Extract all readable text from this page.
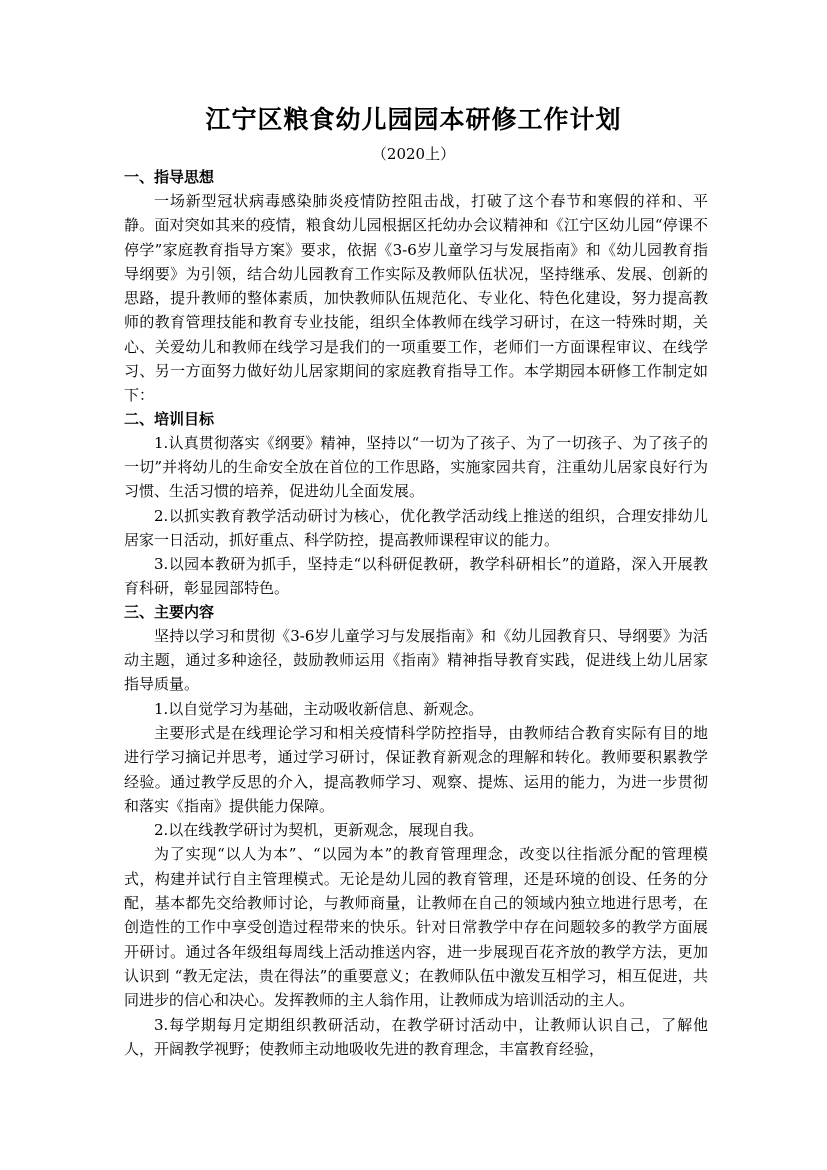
江宁区粮食幼儿园园本研修工作计划
（2020上）

一、指导思想

一场新型冠状病毒感染肺炎疫情防控阻击战，打破了这个春节和寒假的祥和、平静。面对突如其来的疫情，粮食幼儿园根据区托幼办会议精神和《江宁区幼儿园“停课不停学”家庭教育指导方案》要求，依据《3-6岁儿童学习与发展指南》和《幼儿园教育指导纲要》为引领，结合幼儿园教育工作实际及教师队伍状况，坚持继承、发展、创新的思路，提升教师的整体素质，加快教师队伍规范化、专业化、特色化建设，努力提高教师的教育管理技能和教育专业技能，组织全体教师在线学习研讨，在这一特殊时期，关心、关爱幼儿和教师在线学习是我们的一项重要工作，老师们一方面课程审议、在线学习、另一方面努力做好幼儿居家期间的家庭教育指导工作。本学期园本研修工作制定如下：

二、培训目标

1.认真贯彻落实《纲要》精神，坚持以“一切为了孩子、为了一切孩子、为了孩子的一切”并将幼儿的生命安全放在首位的工作思路，实施家园共育，注重幼儿居家良好行为习惯、生活习惯的培养，促进幼儿全面发展。

2.以抓实教育教学活动研讨为核心，优化教学活动线上推送的组织，合理安排幼儿居家一日活动，抓好重点、科学防控，提高教师课程审议的能力。

3.以园本教研为抓手，坚持走“以科研促教研，教学科研相长”的道路，深入开展教育科研，彰显园部特色。

三、主要内容

坚持以学习和贯彻《3-6岁儿童学习与发展指南》和《幼儿园教育只、导纲要》为活动主题，通过多种途径，鼓励教师运用《指南》精神指导教育实践，促进线上幼儿居家指导质量。

1.以自觉学习为基础，主动吸收新信息、新观念。

主要形式是在线理论学习和相关疫情科学防控指导，由教师结合教育实际有目的地进行学习摘记并思考，通过学习研讨，保证教育新观念的理解和转化。教师要积累教学经验。通过教学反思的介入，提高教师学习、观察、提炼、运用的能力，为进一步贯彻和落实《指南》提供能力保障。

2.以在线教学研讨为契机，更新观念，展现自我。

为了实现“以人为本”、“以园为本”的教育管理理念，改变以往指派分配的管理模式，构建并试行自主管理模式。无论是幼儿园的教育管理，还是环境的创设、任务的分配，基本都先交给教师讨论，与教师商量，让教师在自己的领域内独立地进行思考，在创造性的工作中享受创造过程带来的快乐。针对日常教学中存在问题较多的教学方面展开研讨。通过各年级组每周线上活动推送内容，进一步展现百花齐放的教学方法，更加认识到 “教无定法，贵在得法”的重要意义；在教师队伍中激发互相学习，相互促进，共同进步的信心和决心。发挥教师的主人翁作用，让教师成为培训活动的主人。

3.每学期每月定期组织教研活动，在教学研讨活动中，让教师认识自己，了解他人，开阔教学视野；使教师主动地吸收先进的教育理念，丰富教育经验，
